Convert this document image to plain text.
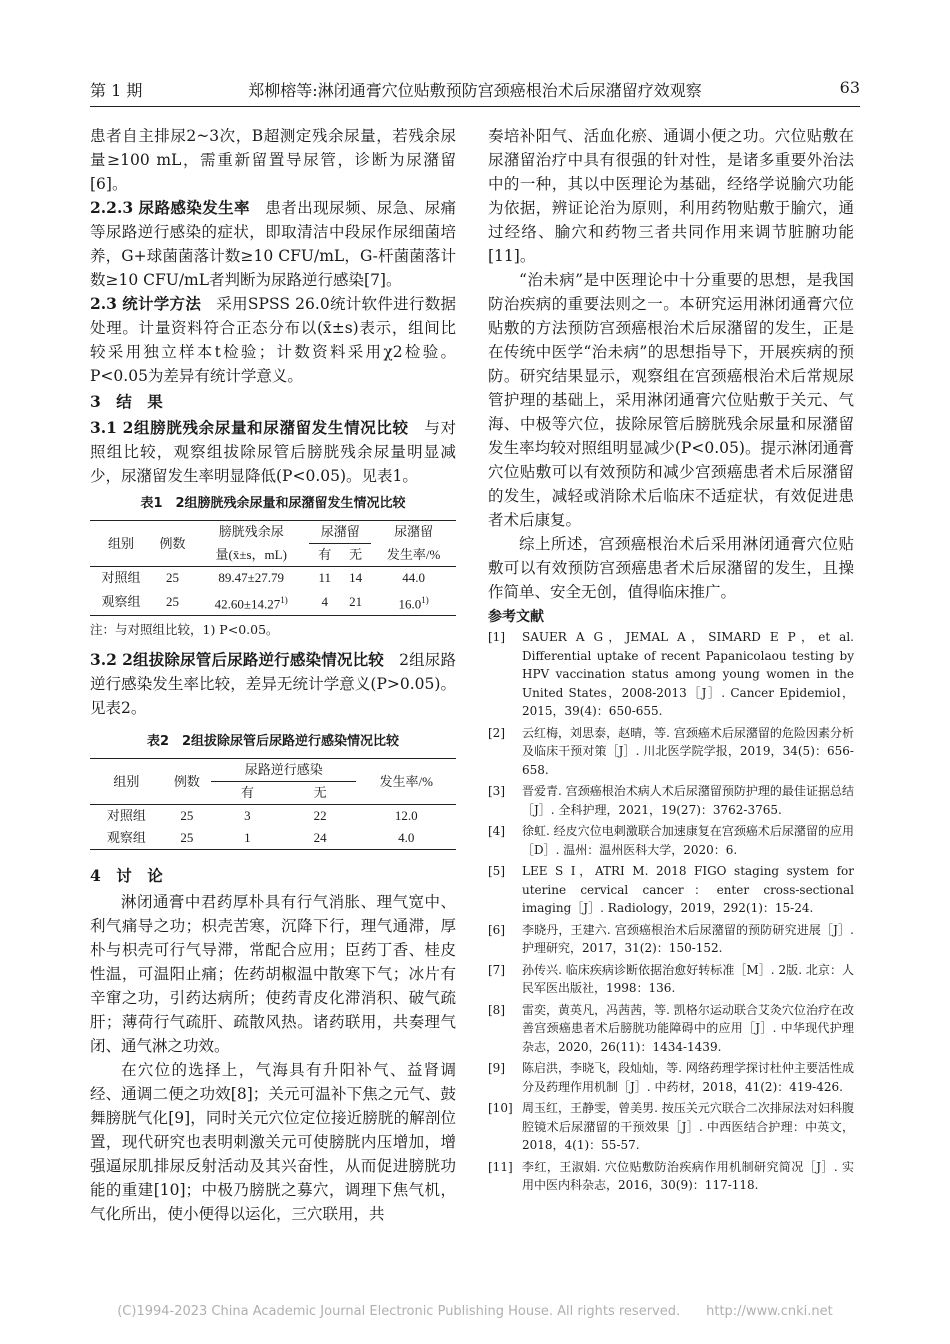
第 1 期	郑柳榕等:淋闭通膏穴位贴敷预防宫颈癌根治术后尿潴留疗效观察	63

患者自主排尿2~3次，B超测定残余尿量，若残余尿量≥100 mL，需重新留置导尿管，诊断为尿潴留[6]。

2.2.3 尿路感染发生率 患者出现尿频、尿急、尿痛等尿路逆行感染的症状，即取清洁中段尿作尿细菌培养，G+球菌菌落计数≥10 CFU/mL，G-杆菌菌落计数≥10 CFU/mL者判断为尿路逆行感染[7]。

2.3 统计学方法 采用SPSS 26.0统计软件进行数据处理。计量资料符合正态分布以(x̄±s)表示，组间比较采用独立样本t检验；计数资料采用χ2检验。P<0.05为差异有统计学意义。

3　结　果

3.1 2组膀胱残余尿量和尿潴留发生情况比较 与对照组比较，观察组拔除尿管后膀胱残余尿量明显减少，尿潴留发生率明显降低(P<0.05)。见表1。

表1　2组膀胱残余尿量和尿潴留发生情况比较
组别	例数	膀胱残余尿	尿潴留		尿潴留
		量(x̄±s，mL)	有	无	发生率/%
对照组	25	89.47±27.79	11	14	44.0
观察组	25	$42.60\pm 14.27^{1)}$	4	21	16.0$^{1)}$
注：与对照组比较，1) P<0.05。

3.2 2组拔除尿管后尿路逆行感染情况比较 2组尿路逆行感染发生率比较，差异无统计学意义(P>0.05)。见表2。

表2　2组拔除尿管后尿路逆行感染情况比较
组别	例数	尿路逆行感染		发生率/%
		有	无	
对照组	25	3	22	12.0
观察组	25	1	24	4.0
4　讨　论

淋闭通膏中君药厚朴具有行气消胀、理气宽中、利气痛导之功；枳壳苦寒，沉降下行，理气通滞，厚朴与枳壳可行气导滞，常配合应用；臣药丁香、桂皮性温，可温阳止痛；佐药胡椒温中散寒下气；冰片有辛窜之功，引药达病所；使药青皮化滞消积、破气疏肝；薄荷行气疏肝、疏散风热。诸药联用，共奏理气闭、通气淋之功效。

在穴位的选择上，气海具有升阳补气、益肾调经、通调二便之功效[8]；关元可温补下焦之元气、鼓舞膀胱气化[9]，同时关元穴位定位接近膀胱的解剖位置，现代研究也表明刺激关元可使膀胱内压增加，增强逼尿肌排尿反射活动及其兴奋性，从而促进膀胱功能的重建[10]；中极乃膀胱之募穴，调理下焦气机，气化所出，使小便得以运化，三穴联用，共

奏培补阳气、活血化瘀、通调小便之功。穴位贴敷在尿潴留治疗中具有很强的针对性，是诸多重要外治法中的一种，其以中医理论为基础，经络学说腧穴功能为依据，辨证论治为原则，利用药物贴敷于腧穴，通过经络、腧穴和药物三者共同作用来调节脏腑功能[11]。

“治未病”是中医理论中十分重要的思想，是我国防治疾病的重要法则之一。本研究运用淋闭通膏穴位贴敷的方法预防宫颈癌根治术后尿潴留的发生，正是在传统中医学“治未病”的思想指导下，开展疾病的预防。研究结果显示，观察组在宫颈癌根治术后常规尿管护理的基础上，采用淋闭通膏穴位贴敷于关元、气海、中极等穴位，拔除尿管后膀胱残余尿量和尿潴留发生率均较对照组明显减少(P<0.05)。提示淋闭通膏穴位贴敷可以有效预防和减少宫颈癌患者术后尿潴留的发生，减轻或消除术后临床不适症状，有效促进患者术后康复。

综上所述，宫颈癌根治术后采用淋闭通膏穴位贴敷可以有效预防宫颈癌患者术后尿潴留的发生，且操作简单、安全无创，值得临床推广。

参考文献
[1]	SAUER A G，JEMAL A，SIMARD E P，et al. Differential uptake of recent Papanicolaou testing by HPV vaccination status among young women in the United States，2008-2013［J］. Cancer Epidemiol，2015，39(4)：650-655.
[2]	云红梅，刘思泰，赵晴，等. 宫颈癌术后尿潴留的危险因素分析及临床干预对策［J］. 川北医学院学报，2019，34(5)：656-658.
[3]	晋爱青. 宫颈癌根治术病人术后尿潴留预防护理的最佳证据总结［J］. 全科护理，2021，19(27)：3762-3765.
[4]	徐虹. 经皮穴位电刺激联合加速康复在宫颈癌术后尿潴留的应用［D］. 温州：温州医科大学，2020：6.
[5]	LEE S I，ATRI M. 2018 FIGO staging system for uterine cervical cancer：enter cross-sectional imaging［J］. Radiology，2019，292(1)：15-24.
[6]	李晓丹，王建六. 宫颈癌根治术后尿潴留的预防研究进展［J］. 护理研究，2017，31(2)：150-152.
[7]	孙传兴. 临床疾病诊断依据治愈好转标准［M］. 2版. 北京：人民军医出版社，1998：136.
[8]	雷奕，黄英凡，冯茜茜，等. 凯格尔运动联合艾灸穴位治疗在改善宫颈癌患者术后膀胱功能障碍中的应用［J］. 中华现代护理杂志，2020，26(11)：1434-1439.
[9]	陈启洪，李晓飞，段灿灿，等. 网络药理学探讨杜仲主要活性成分及药理作用机制［J］. 中药材，2018，41(2)：419-426.
[10] 周玉红，王静雯，曾美男. 按压关元穴联合二次排尿法对妇科腹腔镜术后尿潴留的干预效果［J］. 中西医结合护理：中英文，2018，4(1)：55-57.
[11] 李红，王淑娟. 穴位贴敷防治疾病作用机制研究简况［J］. 实用中医内科杂志，2016，30(9)：117-118.
(C)1994-2023 China Academic Journal Electronic Publishing House. All rights reserved.　　http://www.cnki.net
